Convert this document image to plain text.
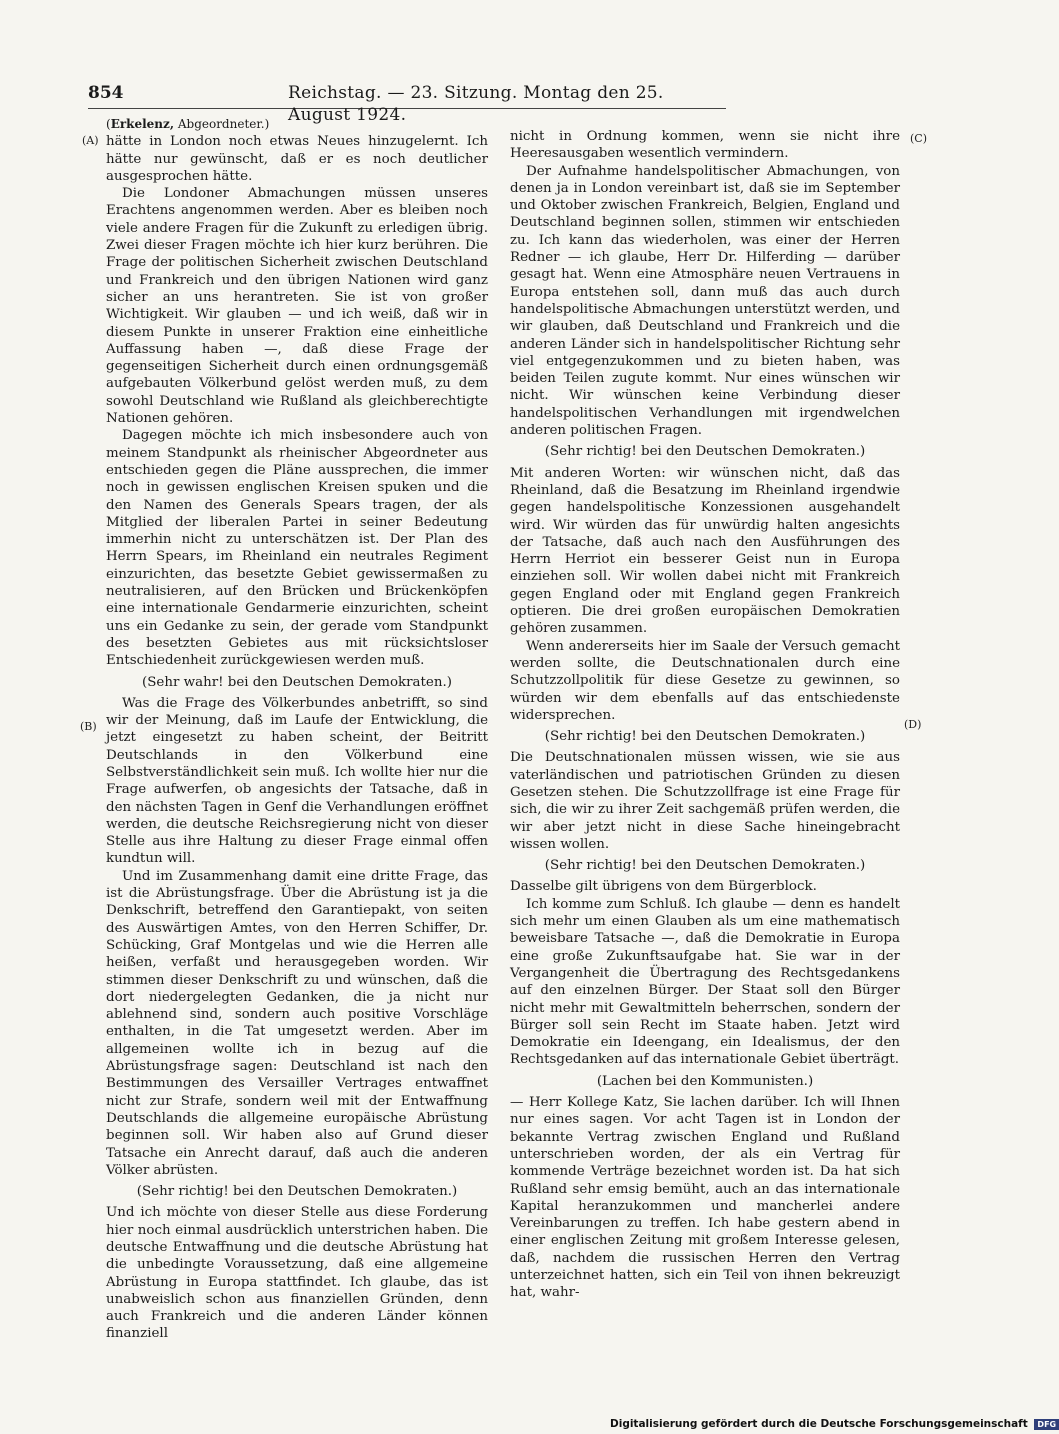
854	Reichstag. — 23. Sitzung. Montag den 25. August 1924.
(A)
(B)
(C)
(D)

(Erkelenz, Abgeordneter.)

hätte in London noch etwas Neues hinzugelernt. Ich hätte nur gewünscht, daß er es noch deutlicher ausgesprochen hätte.

Die Londoner Abmachungen müssen unseres Erachtens angenommen werden. Aber es bleiben noch viele andere Fragen für die Zukunft zu erledigen übrig. Zwei dieser Fragen möchte ich hier kurz berühren. Die Frage der politischen Sicherheit zwischen Deutschland und Frankreich und den übrigen Nationen wird ganz sicher an uns herantreten. Sie ist von großer Wichtigkeit. Wir glauben — und ich weiß, daß wir in diesem Punkte in unserer Fraktion eine einheitliche Auffassung haben —, daß diese Frage der gegenseitigen Sicherheit durch einen ordnungsgemäß aufgebauten Völkerbund gelöst werden muß, zu dem sowohl Deutschland wie Rußland als gleichberechtigte Nationen gehören.

Dagegen möchte ich mich insbesondere auch von meinem Standpunkt als rheinischer Abgeordneter aus entschieden gegen die Pläne aussprechen, die immer noch in gewissen englischen Kreisen spuken und die den Namen des Generals Spears tragen, der als Mitglied der liberalen Partei in seiner Bedeutung immerhin nicht zu unterschätzen ist. Der Plan des Herrn Spears, im Rheinland ein neutrales Regiment einzurichten, das besetzte Gebiet gewissermaßen zu neutralisieren, auf den Brücken und Brückenköpfen eine internationale Gendarmerie einzurichten, scheint uns ein Gedanke zu sein, der gerade vom Standpunkt des besetzten Gebietes aus mit rücksichtsloser Entschiedenheit zurückgewiesen werden muß.

(Sehr wahr! bei den Deutschen Demokraten.)

Was die Frage des Völkerbundes anbetrifft, so sind wir der Meinung, daß im Laufe der Entwicklung, die jetzt eingesetzt zu haben scheint, der Beitritt Deutschlands in den Völkerbund eine Selbstverständlichkeit sein muß. Ich wollte hier nur die Frage aufwerfen, ob angesichts der Tatsache, daß in den nächsten Tagen in Genf die Verhandlungen eröffnet werden, die deutsche Reichsregierung nicht von dieser Stelle aus ihre Haltung zu dieser Frage einmal offen kundtun will.

Und im Zusammenhang damit eine dritte Frage, das ist die Abrüstungsfrage. Über die Abrüstung ist ja die Denkschrift, betreffend den Garantiepakt, von seiten des Auswärtigen Amtes, von den Herren Schiffer, Dr. Schücking, Graf Montgelas und wie die Herren alle heißen, verfaßt und herausgegeben worden. Wir stimmen dieser Denkschrift zu und wünschen, daß die dort niedergelegten Gedanken, die ja nicht nur ablehnend sind, sondern auch positive Vorschläge enthalten, in die Tat umgesetzt werden. Aber im allgemeinen wollte ich in bezug auf die Abrüstungsfrage sagen: Deutschland ist nach den Bestimmungen des Versailler Vertrages entwaffnet nicht zur Strafe, sondern weil mit der Entwaffnung Deutschlands die allgemeine europäische Abrüstung beginnen soll. Wir haben also auf Grund dieser Tatsache ein Anrecht darauf, daß auch die anderen Völker abrüsten.

(Sehr richtig! bei den Deutschen Demokraten.)

Und ich möchte von dieser Stelle aus diese Forderung hier noch einmal ausdrücklich unterstrichen haben. Die deutsche Entwaffnung und die deutsche Abrüstung hat die unbedingte Voraussetzung, daß eine allgemeine Abrüstung in Europa stattfindet. Ich glaube, das ist unabweislich schon aus finanziellen Gründen, denn auch Frankreich und die anderen Länder können finanziell

nicht in Ordnung kommen, wenn sie nicht ihre Heeresausgaben wesentlich vermindern.

Der Aufnahme handelspolitischer Abmachungen, von denen ja in London vereinbart ist, daß sie im September und Oktober zwischen Frankreich, Belgien, England und Deutschland beginnen sollen, stimmen wir entschieden zu. Ich kann das wiederholen, was einer der Herren Redner — ich glaube, Herr Dr. Hilferding — darüber gesagt hat. Wenn eine Atmosphäre neuen Vertrauens in Europa entstehen soll, dann muß das auch durch handelspolitische Abmachungen unterstützt werden, und wir glauben, daß Deutschland und Frankreich und die anderen Länder sich in handelspolitischer Richtung sehr viel entgegenzukommen und zu bieten haben, was beiden Teilen zugute kommt. Nur eines wünschen wir nicht. Wir wünschen keine Verbindung dieser handelspolitischen Verhandlungen mit irgendwelchen anderen politischen Fragen.

(Sehr richtig! bei den Deutschen Demokraten.)

Mit anderen Worten: wir wünschen nicht, daß das Rheinland, daß die Besatzung im Rheinland irgendwie gegen handelspolitische Konzessionen ausgehandelt wird. Wir würden das für unwürdig halten angesichts der Tatsache, daß auch nach den Ausführungen des Herrn Herriot ein besserer Geist nun in Europa einziehen soll. Wir wollen dabei nicht mit Frankreich gegen England oder mit England gegen Frankreich optieren. Die drei großen europäischen Demokratien gehören zusammen.

Wenn andererseits hier im Saale der Versuch gemacht werden sollte, die Deutschnationalen durch eine Schutzzollpolitik für diese Gesetze zu gewinnen, so würden wir dem ebenfalls auf das entschiedenste widersprechen.

(Sehr richtig! bei den Deutschen Demokraten.)

Die Deutschnationalen müssen wissen, wie sie aus vaterländischen und patriotischen Gründen zu diesen Gesetzen stehen. Die Schutzzollfrage ist eine Frage für sich, die wir zu ihrer Zeit sachgemäß prüfen werden, die wir aber jetzt nicht in diese Sache hineingebracht wissen wollen.

(Sehr richtig! bei den Deutschen Demokraten.)

Dasselbe gilt übrigens von dem Bürgerblock.

Ich komme zum Schluß. Ich glaube — denn es handelt sich mehr um einen Glauben als um eine mathematisch beweisbare Tatsache —, daß die Demokratie in Europa eine große Zukunftsaufgabe hat. Sie war in der Vergangenheit die Übertragung des Rechtsgedankens auf den einzelnen Bürger. Der Staat soll den Bürger nicht mehr mit Gewaltmitteln beherrschen, sondern der Bürger soll sein Recht im Staate haben. Jetzt wird Demokratie ein Ideengang, ein Idealismus, der den Rechtsgedanken auf das internationale Gebiet überträgt.

(Lachen bei den Kommunisten.)

— Herr Kollege Katz, Sie lachen darüber. Ich will Ihnen nur eines sagen. Vor acht Tagen ist in London der bekannte Vertrag zwischen England und Rußland unterschrieben worden, der als ein Vertrag für kommende Verträge bezeichnet worden ist. Da hat sich Rußland sehr emsig bemüht, auch an das internationale Kapital heranzukommen und mancherlei andere Vereinbarungen zu treffen. Ich habe gestern abend in einer englischen Zeitung mit großem Interesse gelesen, daß, nachdem die russischen Herren den Vertrag unterzeichnet hatten, sich ein Teil von ihnen bekreuzigt hat, wahr-

Digitalisierung gefördert durch die Deutsche Forschungsgemeinschaft DFG
